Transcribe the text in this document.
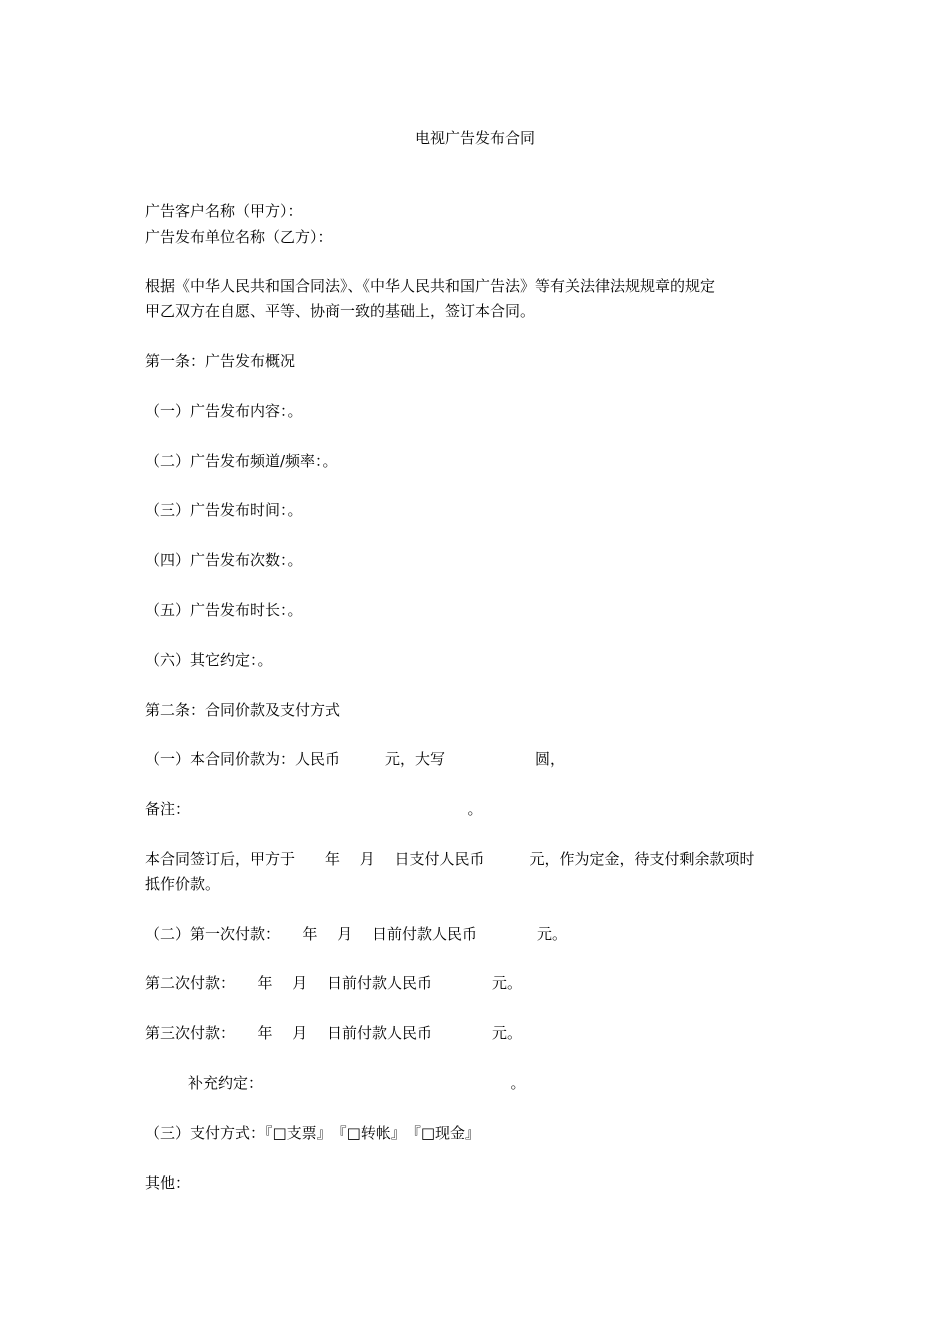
电视广告发布合同
广告客户名称（甲方）：
广告发布单位名称（乙方）：
根据《中华人民共和国合同法》、《中华人民共和国广告法》等有关法律法规规章的规定
甲乙双方在自愿、平等、协商一致的基础上，签订本合同。
第一条：广告发布概况
（一）广告发布内容：。
（二）广告发布频道/频率：。
（三）广告发布时间：。
（四）广告发布次数：。
（五）广告发布时长：。
（六）其它约定：。
第二条：合同价款及支付方式
（一）本合同价款为：人民币　　　元，大写　　　　　　圆，
备注：　　　　　　　　　　　　　　　　　　　。
本合同签订后，甲方于　　年　 月　 日支付人民币　　　元，作为定金，待支付剩余款项时
抵作价款。
（二）第一次付款：　　年　 月　 日前付款人民币　　　　元。
第二次付款：　　年　 月　 日前付款人民币　　　　元。
第三次付款：　　年　 月　 日前付款人民币　　　　元。
补充约定：　　　　　　　　　　　　　　　　　。
（三）支付方式：『□支票』　『□转帐』　『□现金』
其他：
